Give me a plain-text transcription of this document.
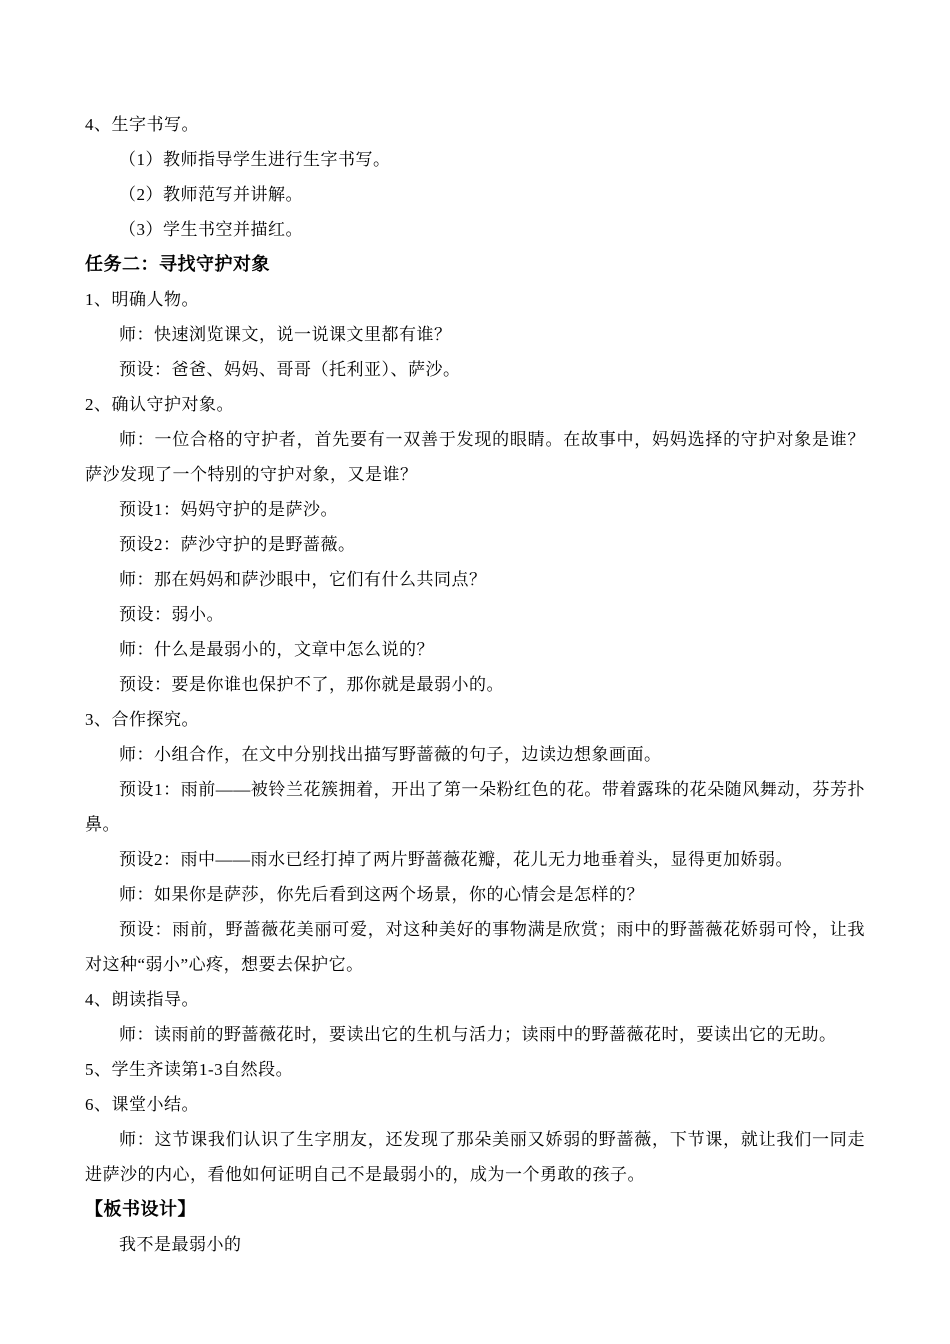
4、生字书写。

（1）教师指导学生进行生字书写。

（2）教师范写并讲解。

（3）学生书空并描红。

任务二：寻找守护对象

1、明确人物。

师：快速浏览课文，说一说课文里都有谁？

预设：爸爸、妈妈、哥哥（托利亚）、萨沙。

2、确认守护对象。

师：一位合格的守护者，首先要有一双善于发现的眼睛。在故事中，妈妈选择的守护对象是谁？萨沙发现了一个特别的守护对象，又是谁？

预设1：妈妈守护的是萨沙。

预设2：萨沙守护的是野蔷薇。

师：那在妈妈和萨沙眼中，它们有什么共同点？

预设：弱小。

师：什么是最弱小的，文章中怎么说的？

预设：要是你谁也保护不了，那你就是最弱小的。

3、合作探究。

师：小组合作，在文中分别找出描写野蔷薇的句子，边读边想象画面。

预设1：雨前——被铃兰花簇拥着，开出了第一朵粉红色的花。带着露珠的花朵随风舞动，芬芳扑鼻。

预设2：雨中——雨水已经打掉了两片野蔷薇花瓣，花儿无力地垂着头，显得更加娇弱。

师：如果你是萨莎，你先后看到这两个场景，你的心情会是怎样的？

预设：雨前，野蔷薇花美丽可爱，对这种美好的事物满是欣赏；雨中的野蔷薇花娇弱可怜，让我对这种“弱小”心疼，想要去保护它。

4、朗读指导。

师：读雨前的野蔷薇花时，要读出它的生机与活力；读雨中的野蔷薇花时，要读出它的无助。

5、学生齐读第1-3自然段。

6、课堂小结。

师：这节课我们认识了生字朋友，还发现了那朵美丽又娇弱的野蔷薇，下节课，就让我们一同走进萨沙的内心，看他如何证明自己不是最弱小的，成为一个勇敢的孩子。

【板书设计】

我不是最弱小的
